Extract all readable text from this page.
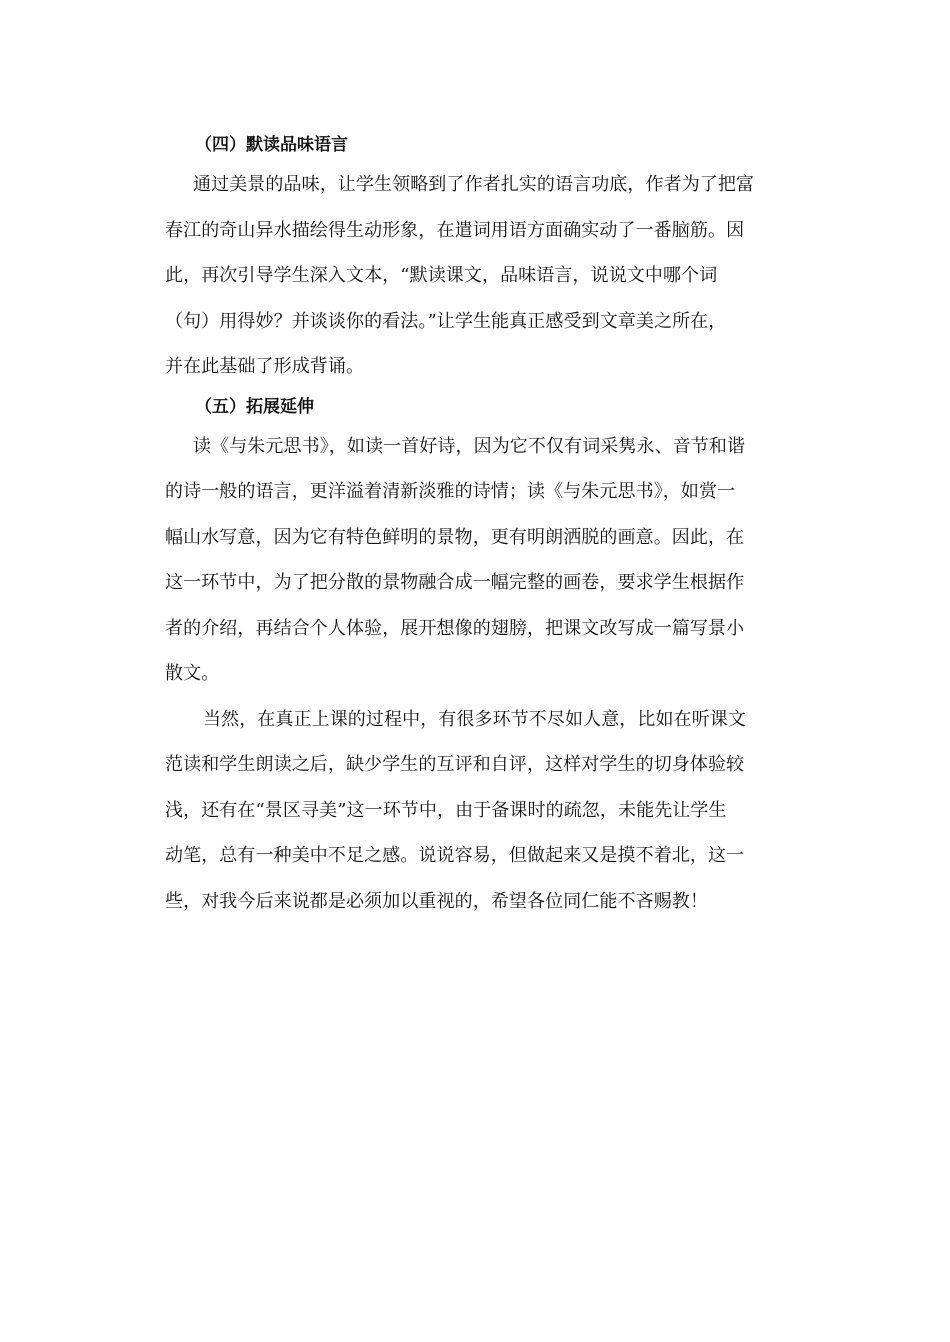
（四）默读品味语言

通过美景的品味，让学生领略到了作者扎实的语言功底，作者为了把富
春江的奇山异水描绘得生动形象，在遣词用语方面确实动了一番脑筋。因
此，再次引导学生深入文本，“默读课文，品味语言，说说文中哪个词
（句）用得妙？并谈谈你的看法。”让学生能真正感受到文章美之所在，
并在此基础了形成背诵。

（五）拓展延伸

读《与朱元思书》，如读一首好诗，因为它不仅有词采隽永、音节和谐
的诗一般的语言，更洋溢着清新淡雅的诗情；读《与朱元思书》，如赏一
幅山水写意，因为它有特色鲜明的景物，更有明朗洒脱的画意。因此，在
这一环节中，为了把分散的景物融合成一幅完整的画卷，要求学生根据作
者的介绍，再结合个人体验，展开想像的翅膀，把课文改写成一篇写景小
散文。

当然，在真正上课的过程中，有很多环节不尽如人意，比如在听课文
范读和学生朗读之后，缺少学生的互评和自评，这样对学生的切身体验较
浅，还有在“景区寻美”这一环节中，由于备课时的疏忽，未能先让学生
动笔，总有一种美中不足之感。说说容易，但做起来又是摸不着北，这一
些，对我今后来说都是必须加以重视的，希望各位同仁能不吝赐教！
